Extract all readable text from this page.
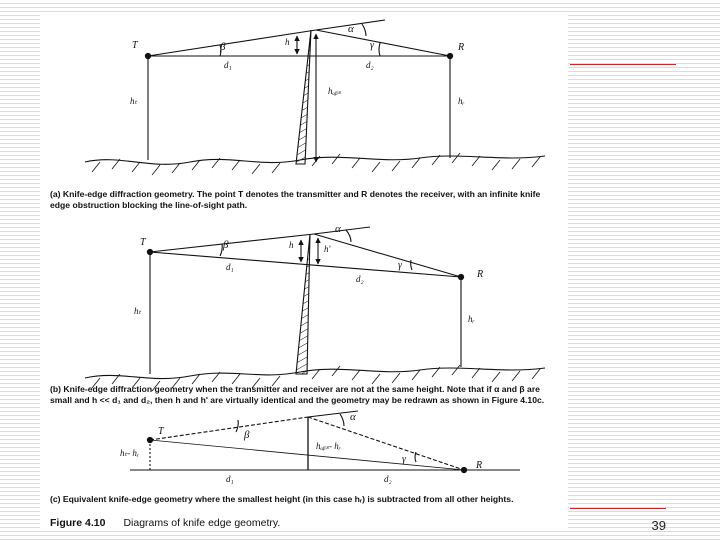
T	R
β	h
α
γ
d₁	d₂
hₜ	hᵣ
hₒᵦₛ
T
R
β	h	h'
α
γ
d₁
d₂
hₜ
hᵣ
T
R
β
α
γ
d₁	d₂
hₜ- hᵣ
hₒᵦₛ- hᵣ
(a) Knife-edge diffraction geometry. The point T denotes the transmitter and R denotes the receiver, with an infinite knife edge obstruction blocking the line-of-sight path.
(b) Knife-edge diffraction geometry when the transmitter and receiver are not at the same height. Note that if α and β are small and h << d₁ and d₂, then h and h' are virtually identical and the geometry may be redrawn as shown in Figure 4.10c.
(c) Equivalent knife-edge geometry where the smallest height (in this case hᵣ) is subtracted from all other heights.
Figure 4.10 Diagrams of knife edge geometry.	39
